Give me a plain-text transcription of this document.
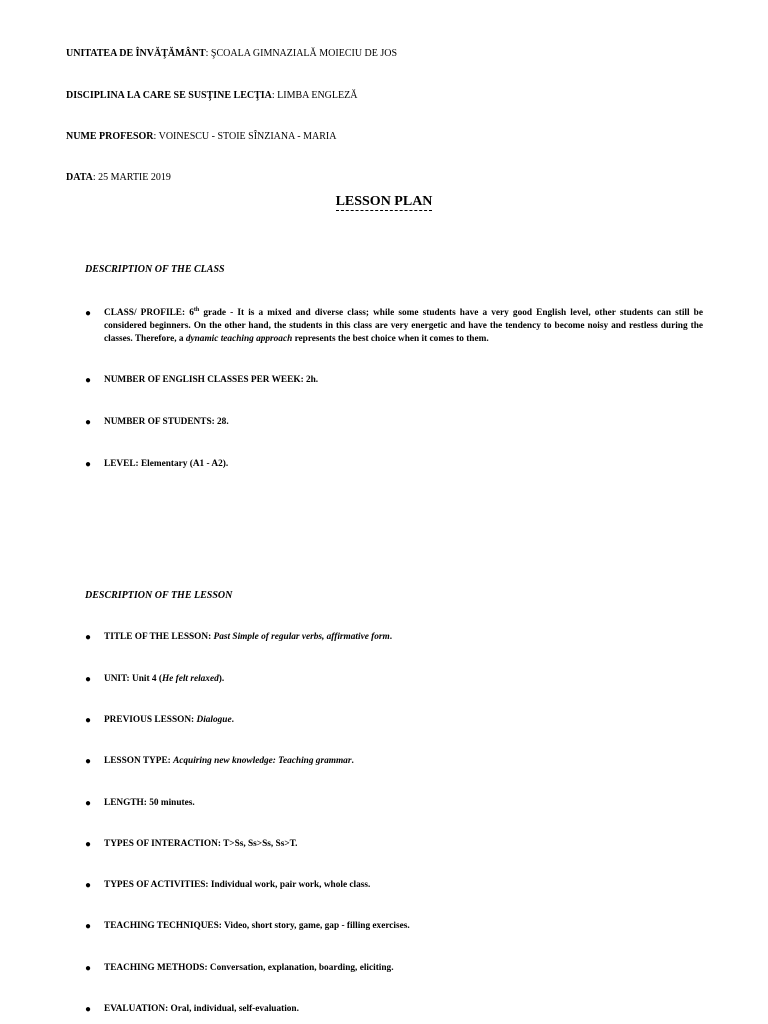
UNITATEA DE ÎNVĂŢĂMÂNT: ŞCOALA GIMNAZIALĂ MOIECIU DE JOS
DISCIPLINA LA CARE SE SUSŢINE LECŢIA: LIMBA ENGLEZĂ
NUME PROFESOR: VOINESCU - STOIE SÎNZIANA - MARIA
DATA: 25 MARTIE 2019
LESSON PLAN
DESCRIPTION OF THE CLASS
●	CLASS/ PROFILE: 6th grade - It is a mixed and diverse class; while some students have a very good English level, other students can still be considered beginners. On the other hand, the students in this class are very energetic and have the tendency to become noisy and restless during the classes. Therefore, a dynamic teaching approach represents the best choice when it comes to them.
●	NUMBER OF ENGLISH CLASSES PER WEEK: 2h.
●	NUMBER OF STUDENTS: 28.
●	LEVEL: Elementary (A1 - A2).
DESCRIPTION OF THE LESSON
●	TITLE OF THE LESSON: Past Simple of regular verbs, affirmative form.
●	UNIT: Unit 4 (He felt relaxed).
●	PREVIOUS LESSON: Dialogue.
●	LESSON TYPE: Acquiring new knowledge: Teaching grammar.
●	LENGTH: 50 minutes.
●	TYPES OF INTERACTION: T>Ss, Ss>Ss, Ss>T.
●	TYPES OF ACTIVITIES: Individual work, pair work, whole class.
●	TEACHING TECHNIQUES: Video, short story, game, gap - filling exercises.
●	TEACHING METHODS: Conversation, explanation, boarding, eliciting.
●	EVALUATION: Oral, individual, self-evaluation.
